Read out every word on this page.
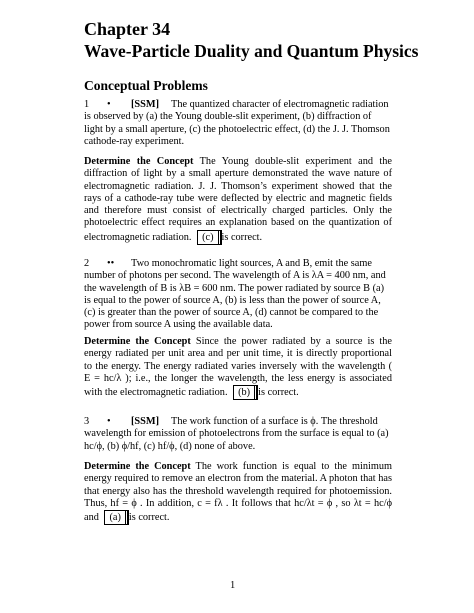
Chapter 34
Wave-Particle Duality and Quantum Physics
Conceptual Problems

1 • [SSM] The quantized character of electromagnetic radiation is observed by (a) the Young double-slit experiment, (b) diffraction of light by a small aperture, (c) the photoelectric effect, (d) the J. J. Thomson cathode-ray experiment.

Determine the Concept The Young double-slit experiment and the diffraction of light by a small aperture demonstrated the wave nature of electromagnetic radiation. J. J. Thomson’s experiment showed that the rays of a cathode-ray tube were deflected by electric and magnetic fields and therefore must consist of electrically charged particles. Only the photoelectric effect requires an explanation based on the quantization of electromagnetic radiation. (c) is correct.

2 •• Two monochromatic light sources, A and B, emit the same number of photons per second. The wavelength of A is λA = 400 nm, and the wavelength of B is λB = 600 nm. The power radiated by source B (a) is equal to the power of source A, (b) is less than the power of source A, (c) is greater than the power of source A, (d) cannot be compared to the power from source A using the available data.

Determine the Concept Since the power radiated by a source is the energy radiated per unit area and per unit time, it is directly proportional to the energy. The energy radiated varies inversely with the wavelength ( E = hc/λ ); i.e., the longer the wavelength, the less energy is associated with the electromagnetic radiation. (b) is correct.

3 • [SSM] The work function of a surface is ϕ. The threshold wavelength for emission of photoelectrons from the surface is equal to (a) hc/ϕ, (b) ϕ/hf, (c) hf/ϕ, (d) none of above.

Determine the Concept The work function is equal to the minimum energy required to remove an electron from the material. A photon that has that energy also has the threshold wavelength required for photoemission. Thus, hf = ϕ . In addition, c = fλ . It follows that hc/λt = ϕ , so λt = hc/ϕ and (a) is correct.

1
